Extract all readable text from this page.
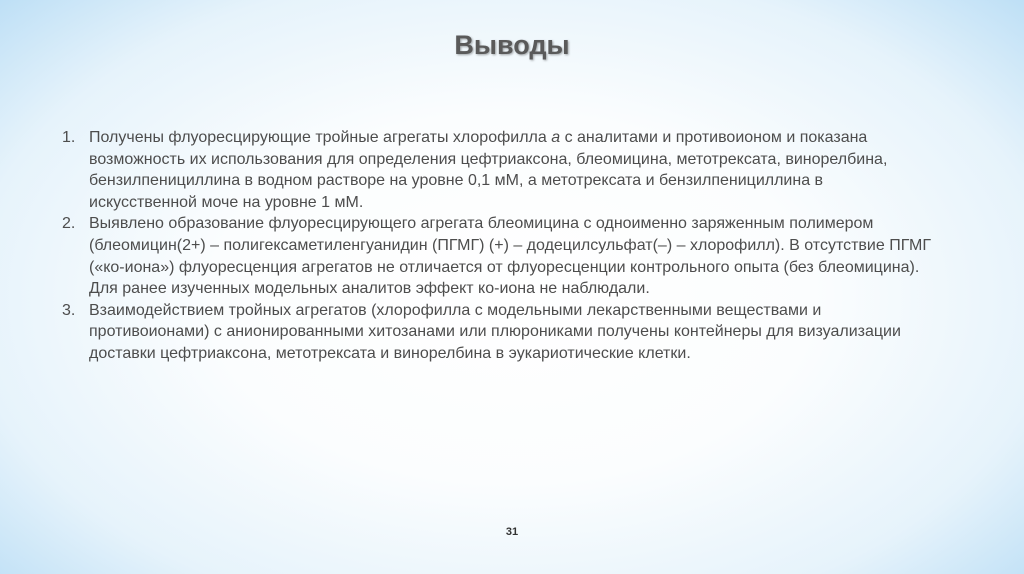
Выводы
1. Получены флуоресцирующие тройные агрегаты хлорофилла а с аналитами и противоионом и показана возможность их использования для определения цефтриаксона, блеомицина, метотрексата, винорелбина, бензилпенициллина в водном растворе на уровне 0,1 мМ, а метотрексата и бензилпенициллина в искусственной моче на уровне 1 мМ.
2. Выявлено образование флуоресцирующего агрегата блеомицина с одноименно заряженным полимером (блеомицин(2+) – полигексаметиленгуанидин (ПГМГ) (+) – додецилсульфат(–) – хлорофилл). В отсутствие ПГМГ («ко-иона») флуоресценция агрегатов не отличается от флуоресценции контрольного опыта (без блеомицина). Для ранее изученных модельных аналитов эффект ко-иона не наблюдали.
3. Взаимодействием тройных агрегатов (хлорофилла с модельными лекарственными веществами и противоионами) с анионированными хитозанами или плюрониками получены контейнеры для визуализации доставки цефтриаксона, метотрексата и винорелбина в эукариотические клетки.
31
